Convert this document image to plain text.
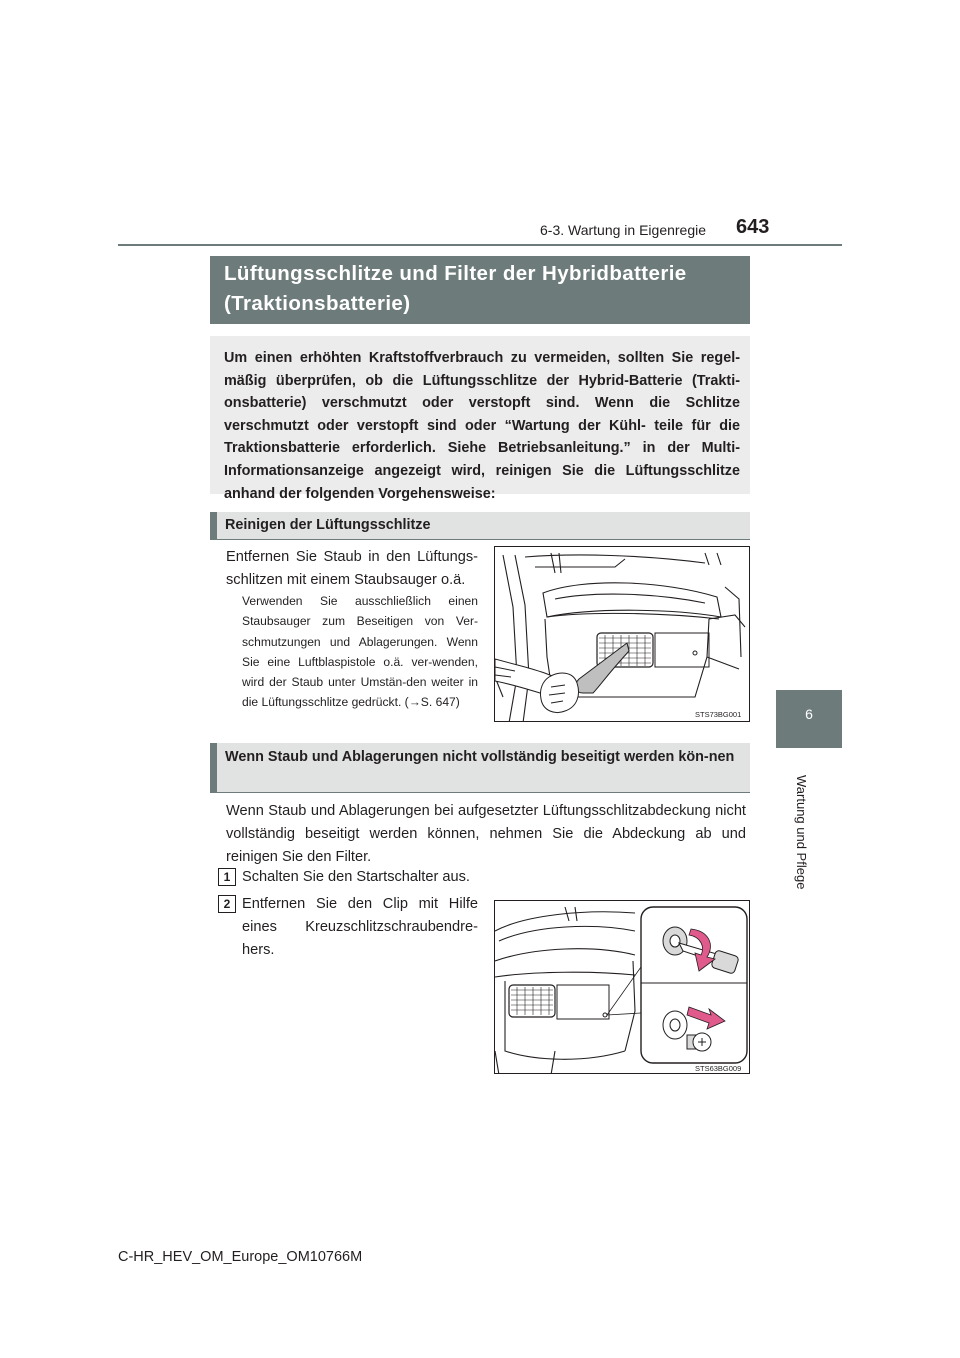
6-3. Wartung in Eigenregie 643
6
Wartung und Pflege
Lüftungsschlitze und Filter der Hybridbatterie
(Traktionsbatterie)
Um einen erhöhten Kraftstoffverbrauch zu vermeiden, sollten Sie regel-mäßig überprüfen, ob die Lüftungsschlitze der Hybrid-Batterie (Trakti-onsbatterie) verschmutzt oder verstopft sind. Wenn die Schlitze verschmutzt oder verstopft sind oder “Wartung der Kühl- teile für die Traktionsbatterie erforderlich. Siehe Betriebsanleitung.” in der Multi-Informationsanzeige angezeigt wird, reinigen Sie die Lüftungsschlitze anhand der folgenden Vorgehensweise:
Reinigen der Lüftungsschlitze
Entfernen Sie Staub in den Lüftungs-schlitzen mit einem Staubsauger o.ä.
Verwenden Sie ausschließlich einen Staubsauger zum Beseitigen von Ver-schmutzungen und Ablagerungen. Wenn Sie eine Luftblaspistole o.ä. ver-wenden, wird der Staub unter Umstän-den weiter in die Lüftungsschlitze gedrückt. (→S. 647)
STS73BG001
Wenn Staub und Ablagerungen nicht vollständig beseitigt werden kön-nen
Wenn Staub und Ablagerungen bei aufgesetzter Lüftungsschlitzabdeckung nicht vollständig beseitigt werden können, nehmen Sie die Abdeckung ab und reinigen Sie den Filter.
1 Schalten Sie den Startschalter aus.
2 Entfernen Sie den Clip mit Hilfe eines Kreuzschlitzschraubendre-hers.
STS63BG009
C-HR_HEV_OM_Europe_OM10766M
